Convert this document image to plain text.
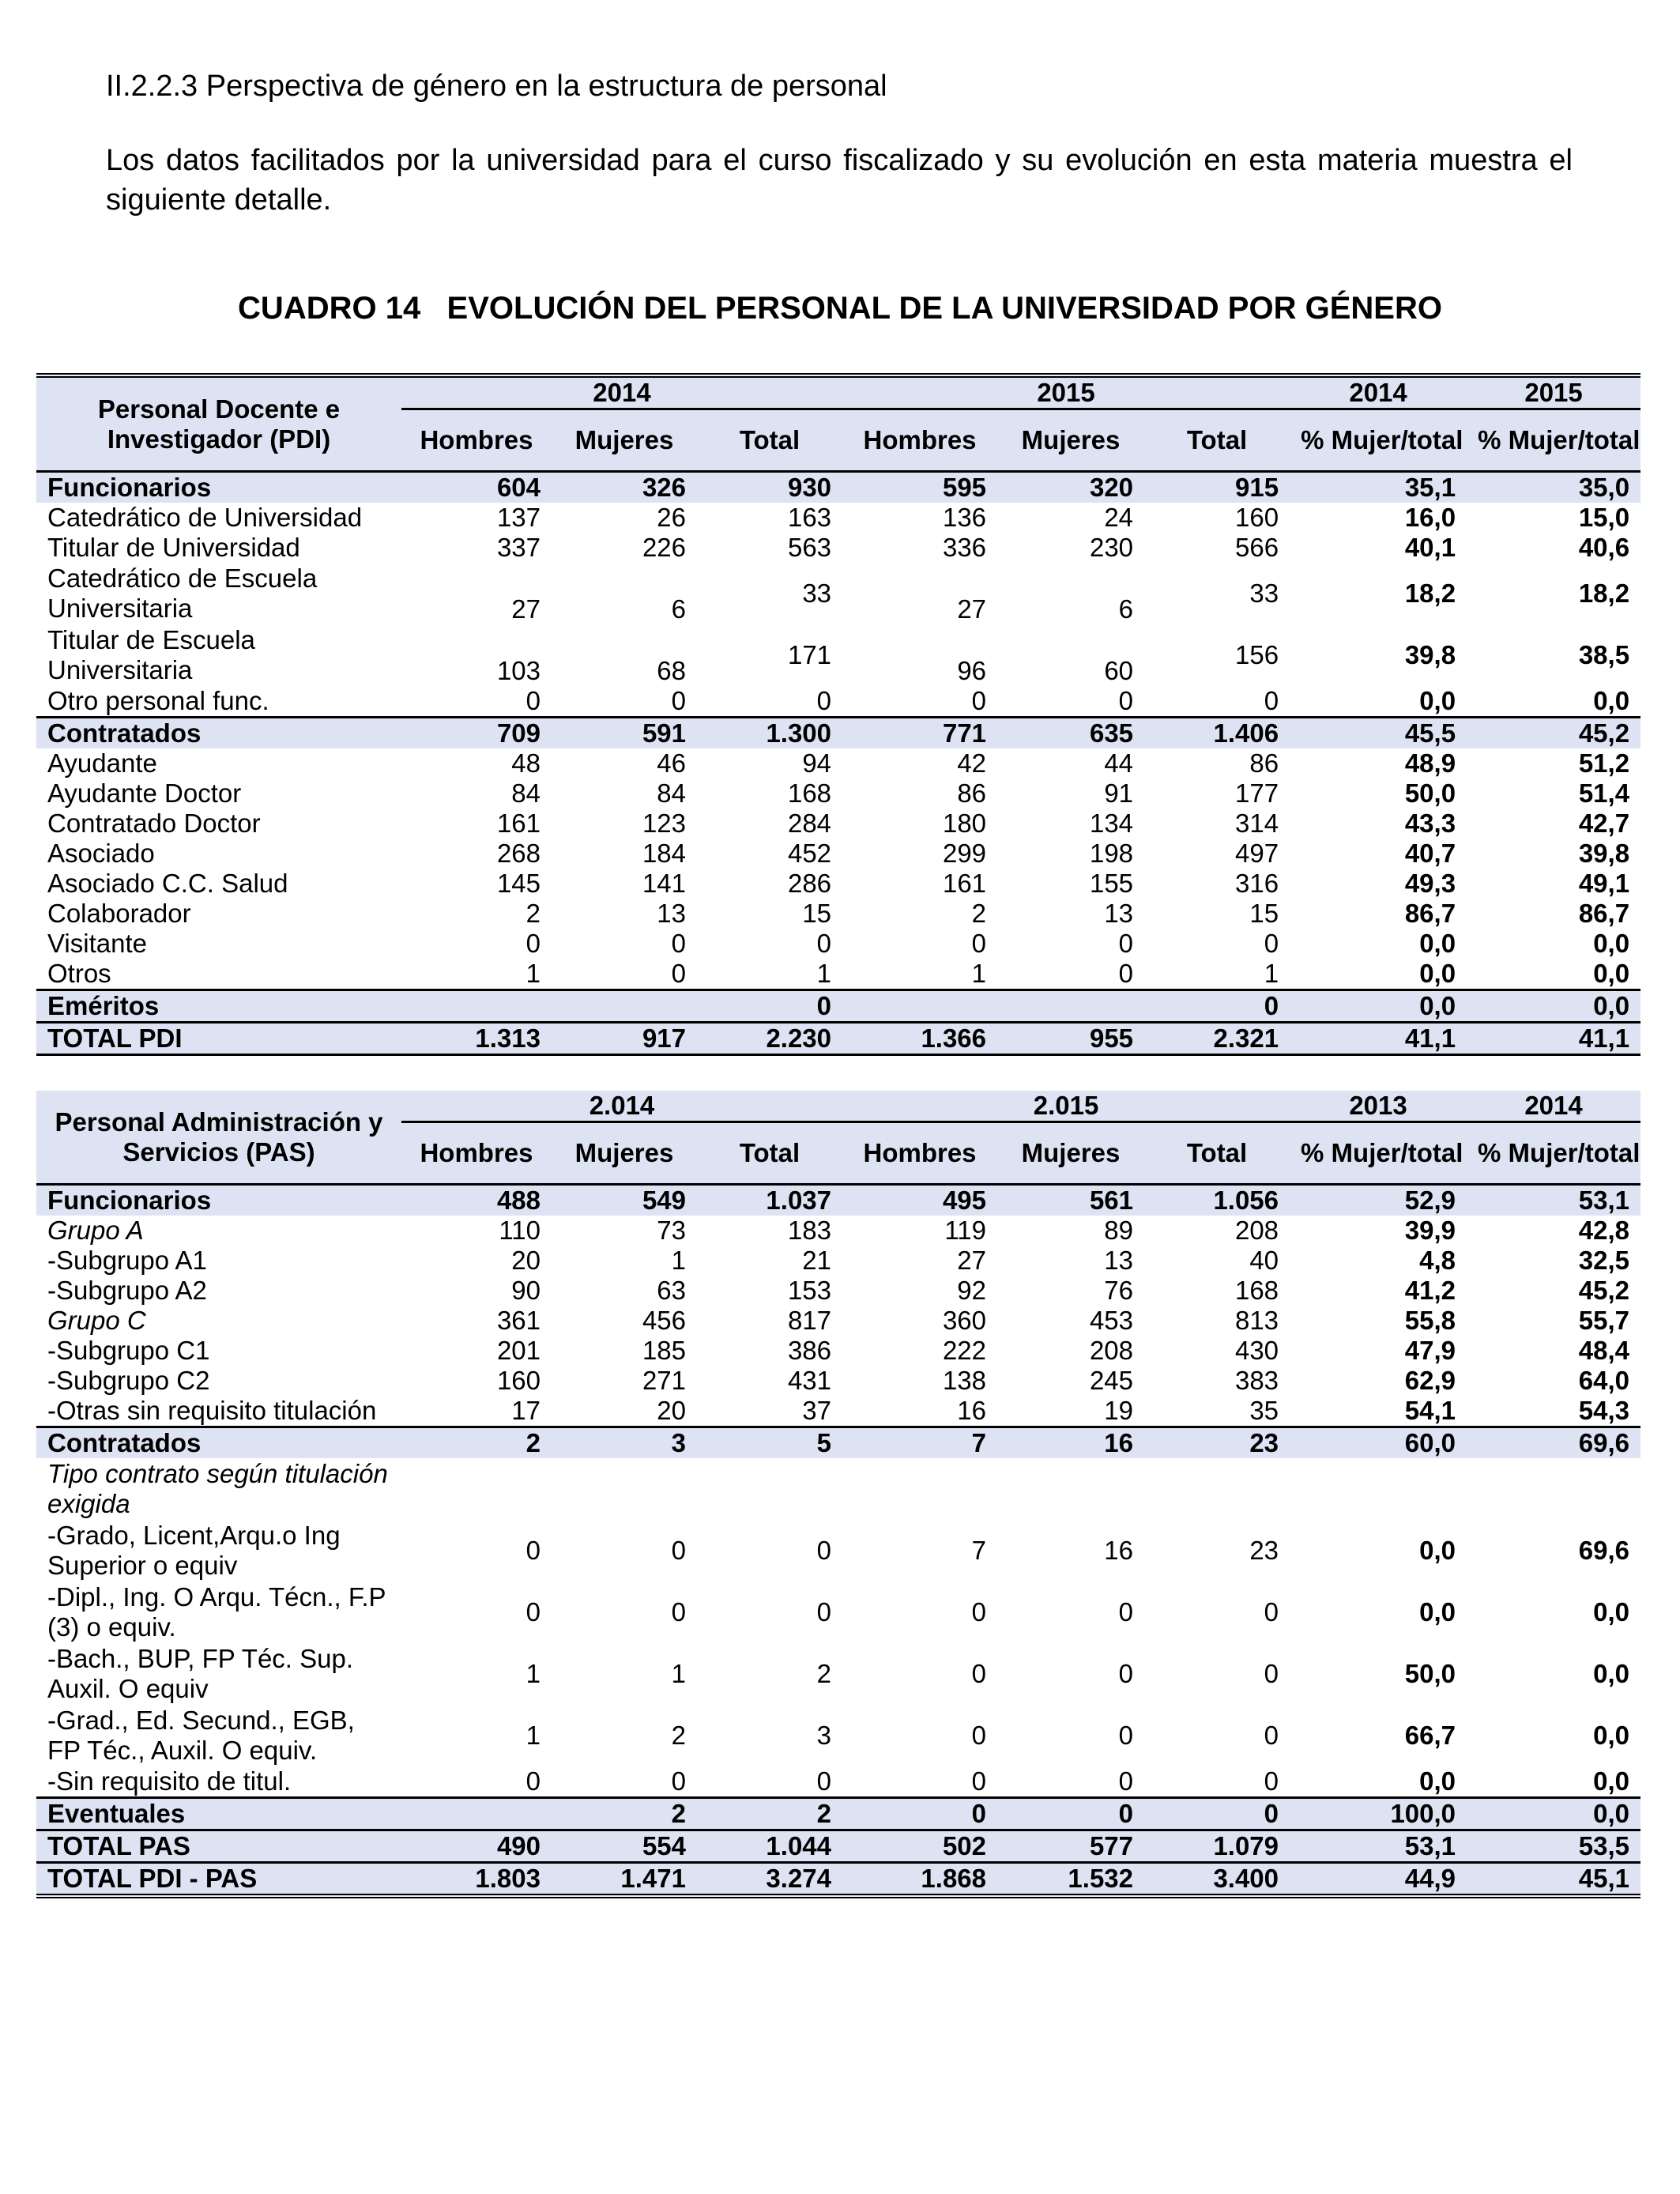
II.2.2.3 Perspectiva de género en la estructura de personal
Los datos facilitados por la universidad para el curso fiscalizado y su evolución en esta materia muestra el siguiente detalle.
CUADRO 14   EVOLUCIÓN DEL PERSONAL DE LA UNIVERSIDAD POR GÉNERO
Personal Docente e Investigador (PDI)	2014			2015			2014	2015
	Hombres	Mujeres	Total	Hombres	Mujeres	Total	% Mujer/total	% Mujer/total
Funcionarios	604	326	930	595	320	915	35,1	35,0
Catedrático de Universidad	137	26	163	136	24	160	16,0	15,0
Titular de Universidad	337	226	563	336	230	566	40,1	40,6
Catedrático de Escuela Universitaria	27	6	33	27	6	33	18,2	18,2
Titular de Escuela Universitaria	103	68	171	96	60	156	39,8	38,5
Otro personal func.	0	0	0	0	0	0	0,0	0,0
Contratados	709	591	1.300	771	635	1.406	45,5	45,2
Ayudante	48	46	94	42	44	86	48,9	51,2
Ayudante Doctor	84	84	168	86	91	177	50,0	51,4
Contratado Doctor	161	123	284	180	134	314	43,3	42,7
Asociado	268	184	452	299	198	497	40,7	39,8
Asociado C.C. Salud	145	141	286	161	155	316	49,3	49,1
Colaborador	2	13	15	2	13	15	86,7	86,7
Visitante	0	0	0	0	0	0	0,0	0,0
Otros	1	0	1	1	0	1	0,0	0,0
Eméritos			0			0	0,0	0,0
TOTAL PDI	1.313	917	2.230	1.366	955	2.321	41,1	41,1
Personal Administración y Servicios (PAS)	2.014			2.015			2013	2014
	Hombres	Mujeres	Total	Hombres	Mujeres	Total	% Mujer/total	% Mujer/total
Funcionarios	488	549	1.037	495	561	1.056	52,9	53,1
Grupo A	110	73	183	119	89	208	39,9	42,8
-Subgrupo A1	20	1	21	27	13	40	4,8	32,5
-Subgrupo A2	90	63	153	92	76	168	41,2	45,2
Grupo C	361	456	817	360	453	813	55,8	55,7
-Subgrupo C1	201	185	386	222	208	430	47,9	48,4
-Subgrupo C2	160	271	431	138	245	383	62,9	64,0
-Otras sin requisito titulación	17	20	37	16	19	35	54,1	54,3
Contratados	2	3	5	7	16	23	60,0	69,6
Tipo contrato según titulación exigida								
-Grado, Licent,Arqu.o Ing Superior o equiv	0	0	0	7	16	23	0,0	69,6
-Dipl., Ing. O Arqu. Técn., F.P (3) o equiv.	0	0	0	0	0	0	0,0	0,0
-Bach., BUP, FP Téc. Sup. Auxil. O equiv	1	1	2	0	0	0	50,0	0,0
-Grad., Ed. Secund., EGB, FP Téc., Auxil. O equiv.	1	2	3	0	0	0	66,7	0,0
-Sin requisito de titul.	0	0	0	0	0	0	0,0	0,0
Eventuales		2	2	0	0	0	100,0	0,0
TOTAL PAS	490	554	1.044	502	577	1.079	53,1	53,5
TOTAL PDI - PAS	1.803	1.471	3.274	1.868	1.532	3.400	44,9	45,1
